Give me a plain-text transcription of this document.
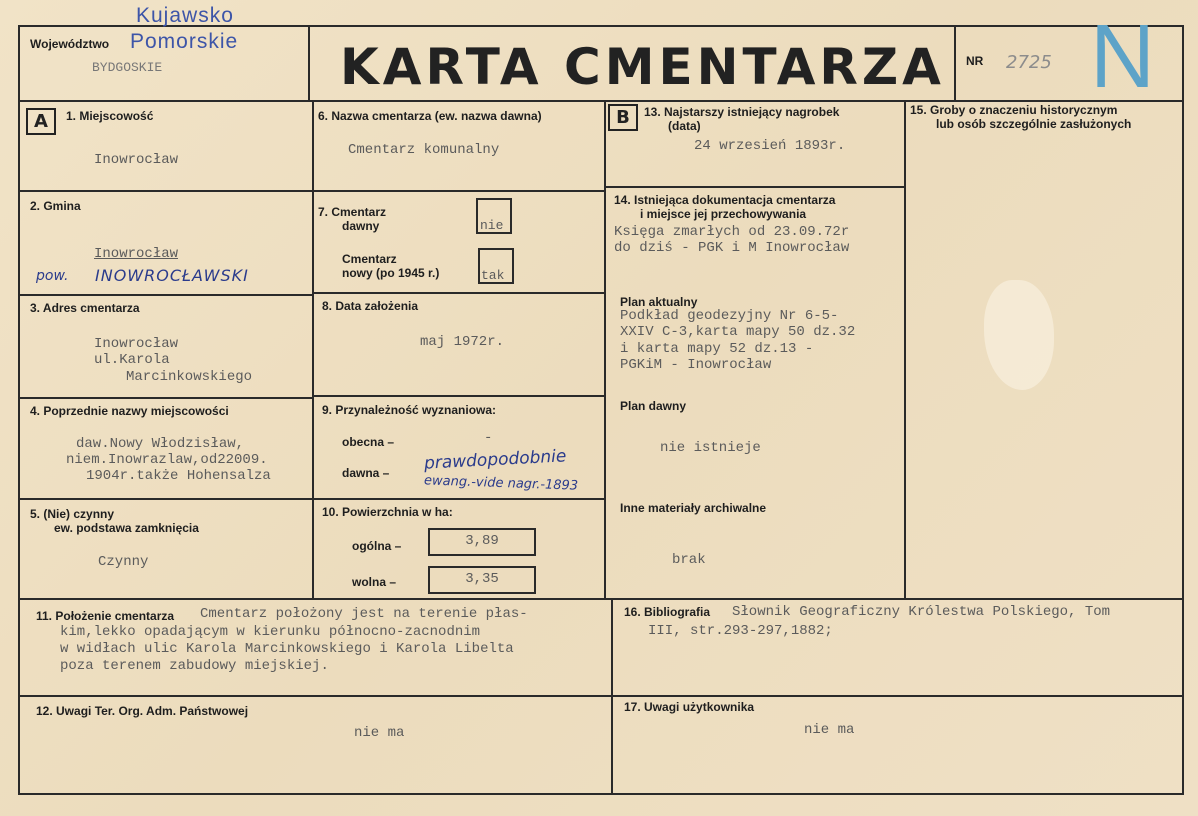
Województwo
Kujawsko
Pomorskie
BYDGOSKIE	KARTA CMENTARZA NR 2725 N
A	1. Miejscowość
Inowrocław
2. Gmina
Inowrocław
pow. INOWROCŁAWSKI
3. Adres cmentarza
Inowrocław
ul.Karola
Marcinkowskiego
4. Poprzednie nazwy miejscowości
daw.Nowy Włodzisław,
niem.Inowrazlaw,od22009.
1904r.także Hohensalza
5. (Nie) czynny
ew. podstawa zamknięcia
Czynny
6. Nazwa cmentarza (ew. nazwa dawna)
Cmentarz komunalny
7. Cmentarz
dawny	nie
Cmentarz
nowy (po 1945 r.)	tak
8. Data założenia
maj 1972r.
9. Przynależność wyznaniowa:
obecna –	-
dawna – prawdopodobnie
ewang.-vide nagr.-1893
10. Powierzchnia w ha:
ogólna –	3,89
wolna –	3,35
B	13. Najstarszy istniejący nagrobek
(data)
24 wrzesień 1893r.
14. Istniejąca dokumentacja cmentarza
i miejsce jej przechowywania
Księga zmarłych od 23.09.72r
do dziś - PGK i M Inowrocław
Plan aktualny
Podkład geodezyjny Nr 6-5-
XXIV C-3,karta mapy 50 dz.32
i karta mapy 52 dz.13 -
PGKiM - Inowrocław
Plan dawny
nie istnieje
Inne materiały archiwalne
brak
15. Groby o znaczeniu historycznym
lub osób szczególnie zasłużonych
11. Położenie cmentarza Cmentarz położony jest na terenie płas-
kim,lekko opadającym w kierunku północno-zacnodnim
w widłach ulic Karola Marcinkowskiego i Karola Libelta
poza terenem zabudowy miejskiej.
16. Bibliografia Słownik Geograficzny Królestwa Polskiego, Tom
III, str.293-297,1882;
12. Uwagi Ter. Org. Adm. Państwowej
nie ma
17. Uwagi użytkownika
nie ma
